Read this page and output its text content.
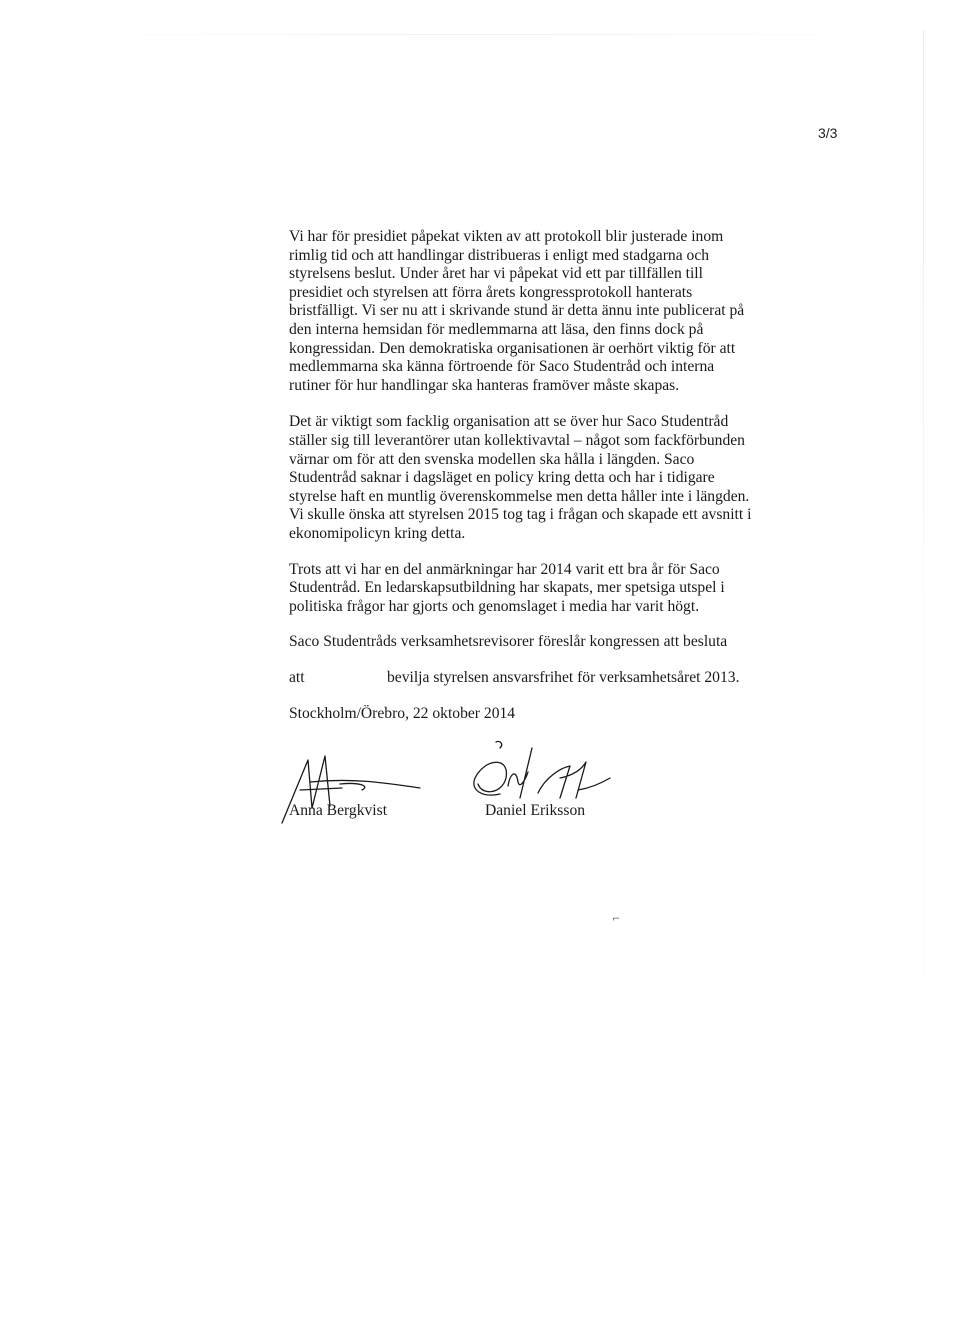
3/3

Vi har för presidiet påpekat vikten av att protokoll blir justerade inom

rimlig tid och att handlingar distribueras i enligt med stadgarna och

styrelsens beslut. Under året har vi påpekat vid ett par tillfällen till

presidiet och styrelsen att förra årets kongressprotokoll hanterats

bristfälligt. Vi ser nu att i skrivande stund är detta ännu inte publicerat på

den interna hemsidan för medlemmarna att läsa, den finns dock på

kongressidan. Den demokratiska organisationen är oerhört viktig för att

medlemmarna ska känna förtroende för Saco Studentråd och interna

rutiner för hur handlingar ska hanteras framöver måste skapas.

Det är viktigt som facklig organisation att se över hur Saco Studentråd

ställer sig till leverantörer utan kollektivavtal – något som fackförbunden

värnar om för att den svenska modellen ska hålla i längden. Saco

Studentråd saknar i dagsläget en policy kring detta och har i tidigare

styrelse haft en muntlig överenskommelse men detta håller inte i längden.

Vi skulle önska att styrelsen 2015 tog tag i frågan och skapade ett avsnitt i

ekonomipolicyn kring detta.

Trots att vi har en del anmärkningar har 2014 varit ett bra år för Saco

Studentråd. En ledarskapsutbildning har skapats, mer spetsiga utspel i

politiska frågor har gjorts och genomslaget i media har varit högt.

Saco Studentråds verksamhetsrevisorer föreslår kongressen att besluta

att	bevilja styrelsen ansvarsfrihet för verksamhetsåret 2013.

Stockholm/Örebro, 22 oktober 2014

Anna Bergkvist	Daniel Eriksson
⌐
